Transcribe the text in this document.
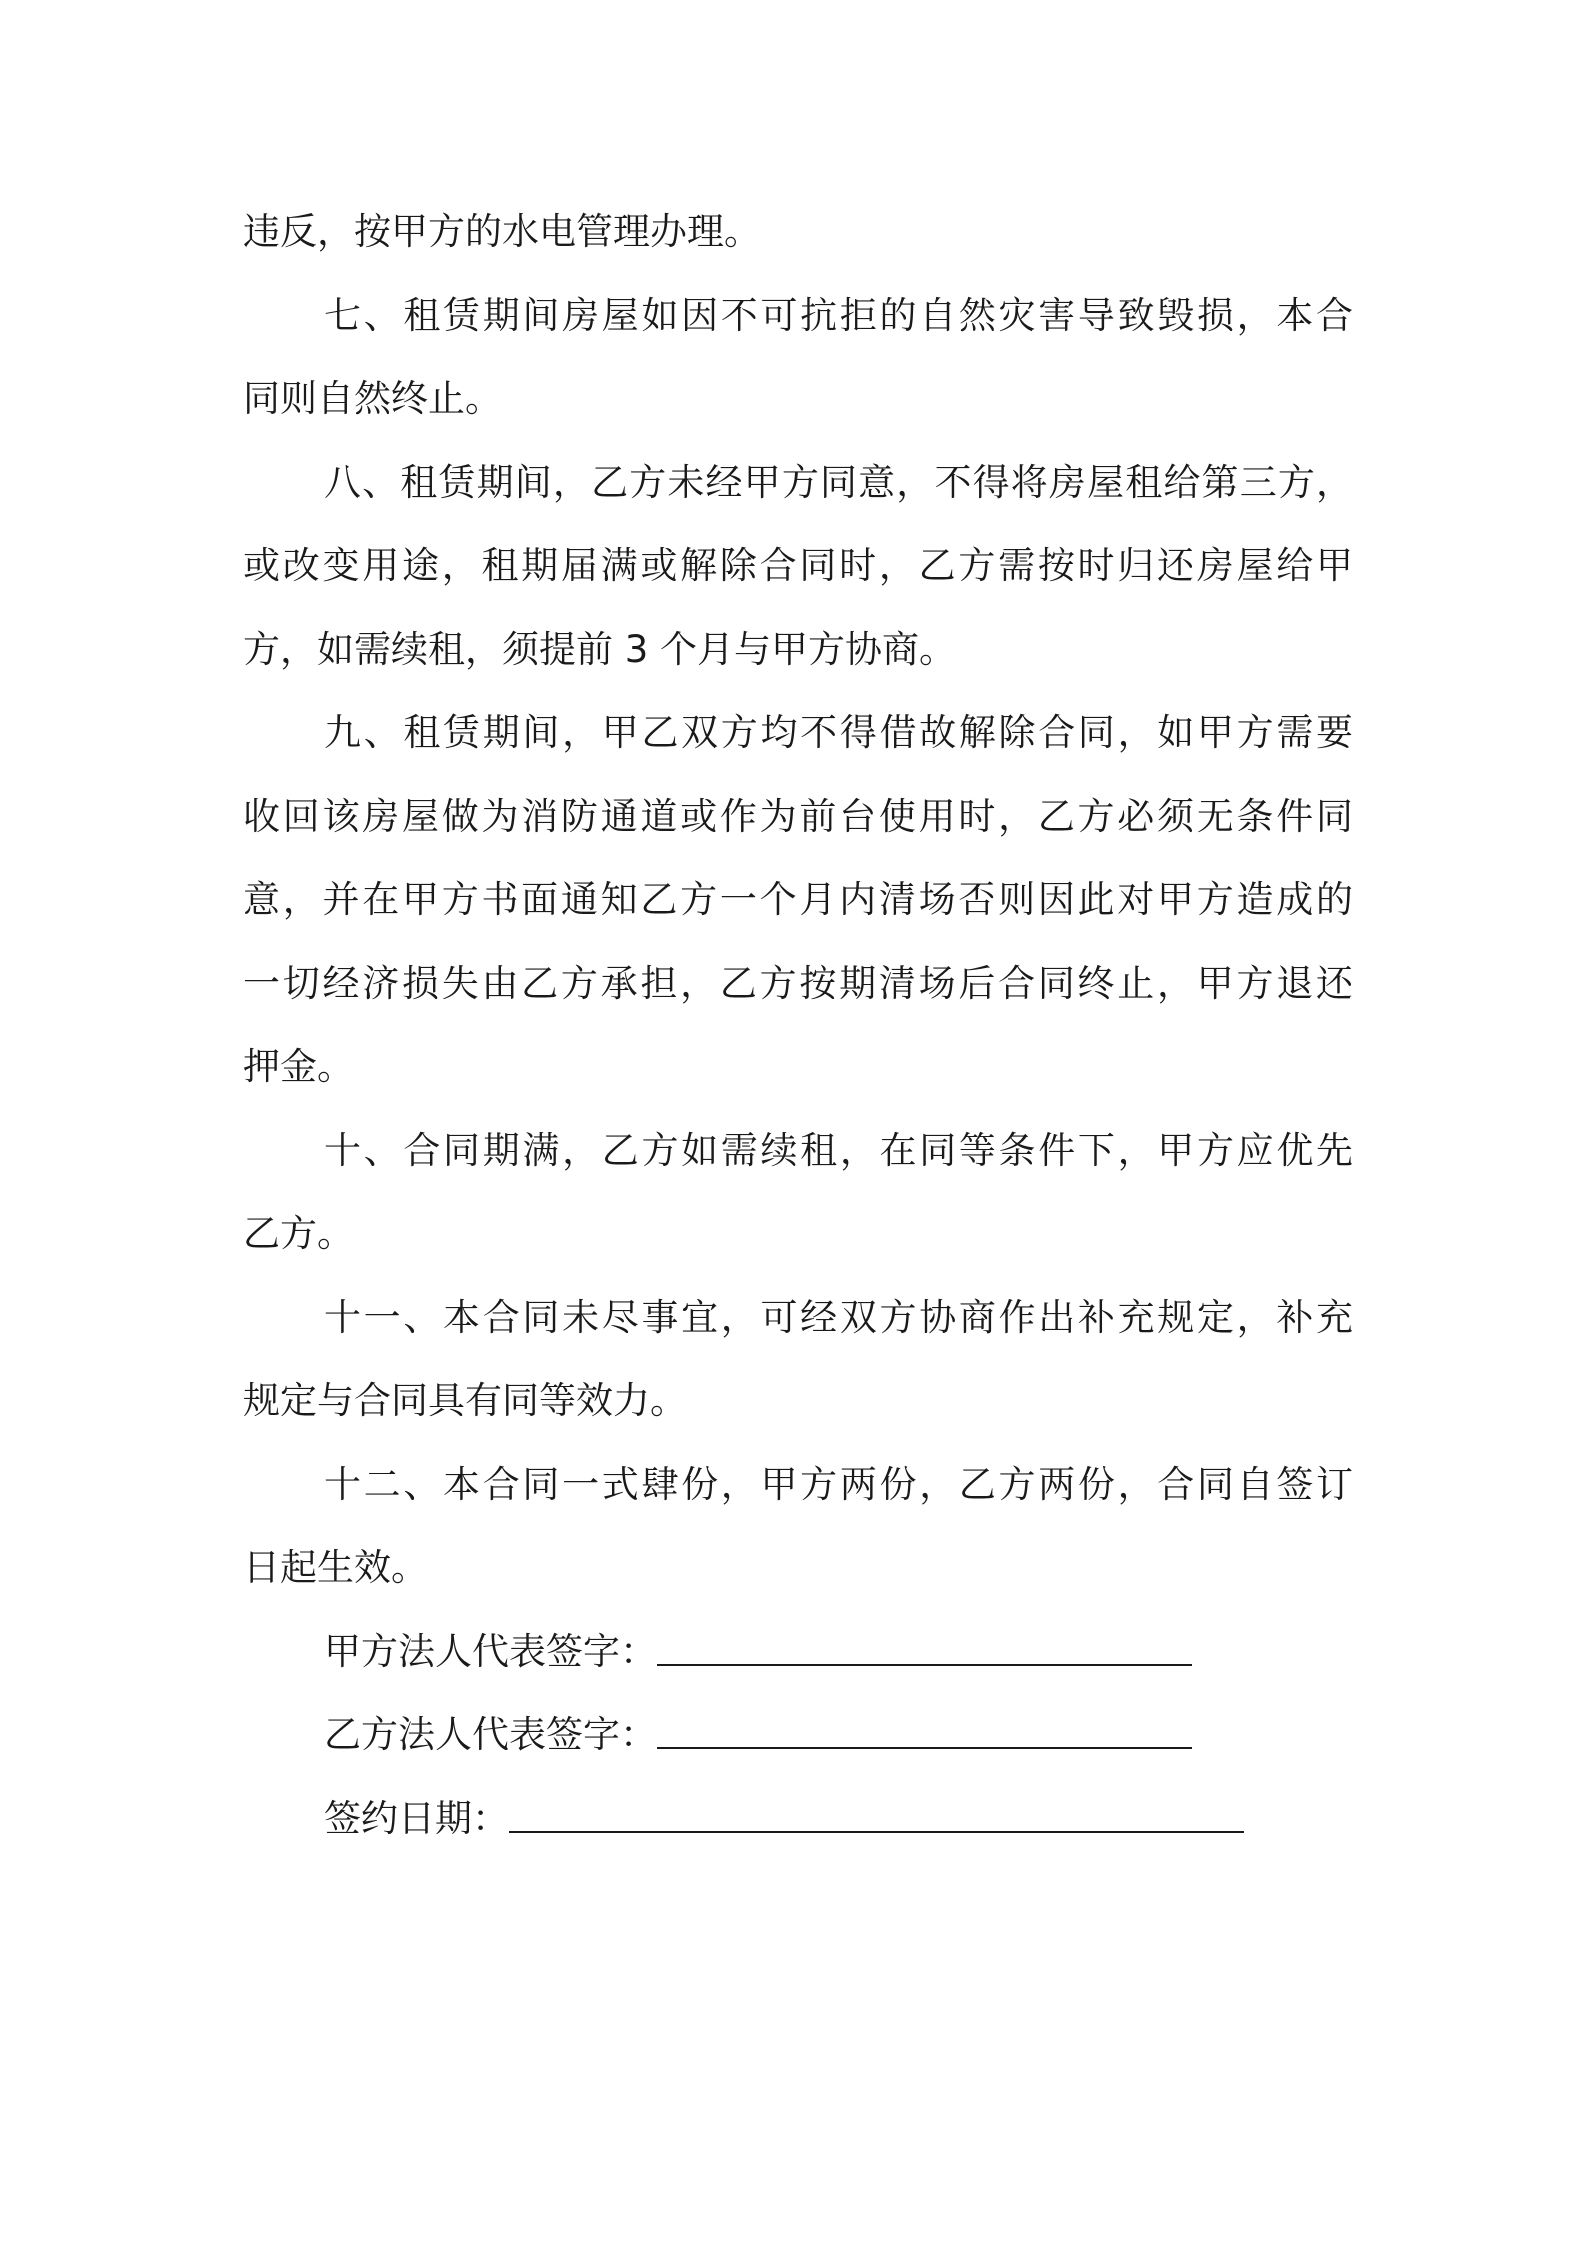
违反，按甲方的水电管理办理。
七、租赁期间房屋如因不可抗拒的自然灾害导致毁损，本合
同则自然终止。
八、租赁期间，乙方未经甲方同意，不得将房屋租给第三方，
或改变用途，租期届满或解除合同时，乙方需按时归还房屋给甲
方，如需续租，须提前 3 个月与甲方协商。
九、租赁期间，甲乙双方均不得借故解除合同，如甲方需要
收回该房屋做为消防通道或作为前台使用时，乙方必须无条件同
意，并在甲方书面通知乙方一个月内清场否则因此对甲方造成的
一切经济损失由乙方承担，乙方按期清场后合同终止，甲方退还
押金。
十、合同期满，乙方如需续租，在同等条件下，甲方应优先
乙方。
十一、本合同未尽事宜，可经双方协商作出补充规定，补充
规定与合同具有同等效力。
十二、本合同一式肆份，甲方两份，乙方两份，合同自签订
日起生效。
甲方法人代表签字：
乙方法人代表签字：
签约日期：
